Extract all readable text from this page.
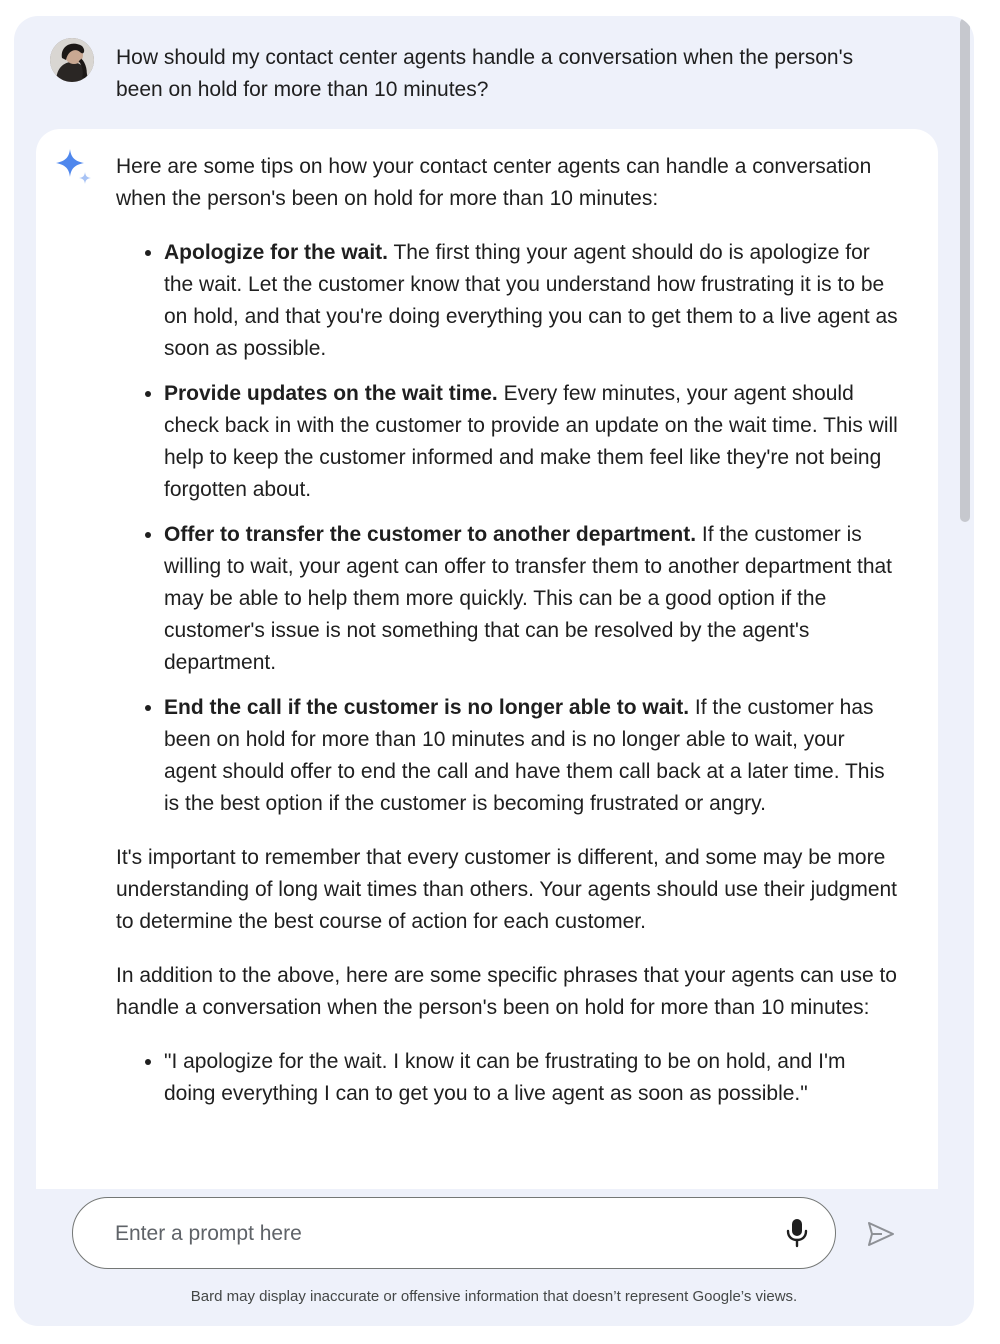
How should my contact center agents handle a conversation when the person's been on hold for more than 10 minutes?

Here are some tips on how your contact center agents can handle a conversation when the person's been on hold for more than 10 minutes:

• Apologize for the wait. The first thing your agent should do is apologize for the wait. Let the customer know that you understand how frustrating it is to be on hold, and that you're doing everything you can to get them to a live agent as soon as possible.
• Provide updates on the wait time. Every few minutes, your agent should check back in with the customer to provide an update on the wait time. This will help to keep the customer informed and make them feel like they're not being forgotten about.
• Offer to transfer the customer to another department. If the customer is willing to wait, your agent can offer to transfer them to another department that may be able to help them more quickly. This can be a good option if the customer's issue is not something that can be resolved by the agent's department.
• End the call if the customer is no longer able to wait. If the customer has been on hold for more than 10 minutes and is no longer able to wait, your agent should offer to end the call and have them call back at a later time. This is the best option if the customer is becoming frustrated or angry.

It's important to remember that every customer is different, and some may be more understanding of long wait times than others. Your agents should use their judgment to determine the best course of action for each customer.

In addition to the above, here are some specific phrases that your agents can use to handle a conversation when the person's been on hold for more than 10 minutes:

• "I apologize for the wait. I know it can be frustrating to be on hold, and I'm doing everything I can to get you to a live agent as soon as possible."
Enter a prompt here
Bard may display inaccurate or offensive information that doesn’t represent Google’s views.
